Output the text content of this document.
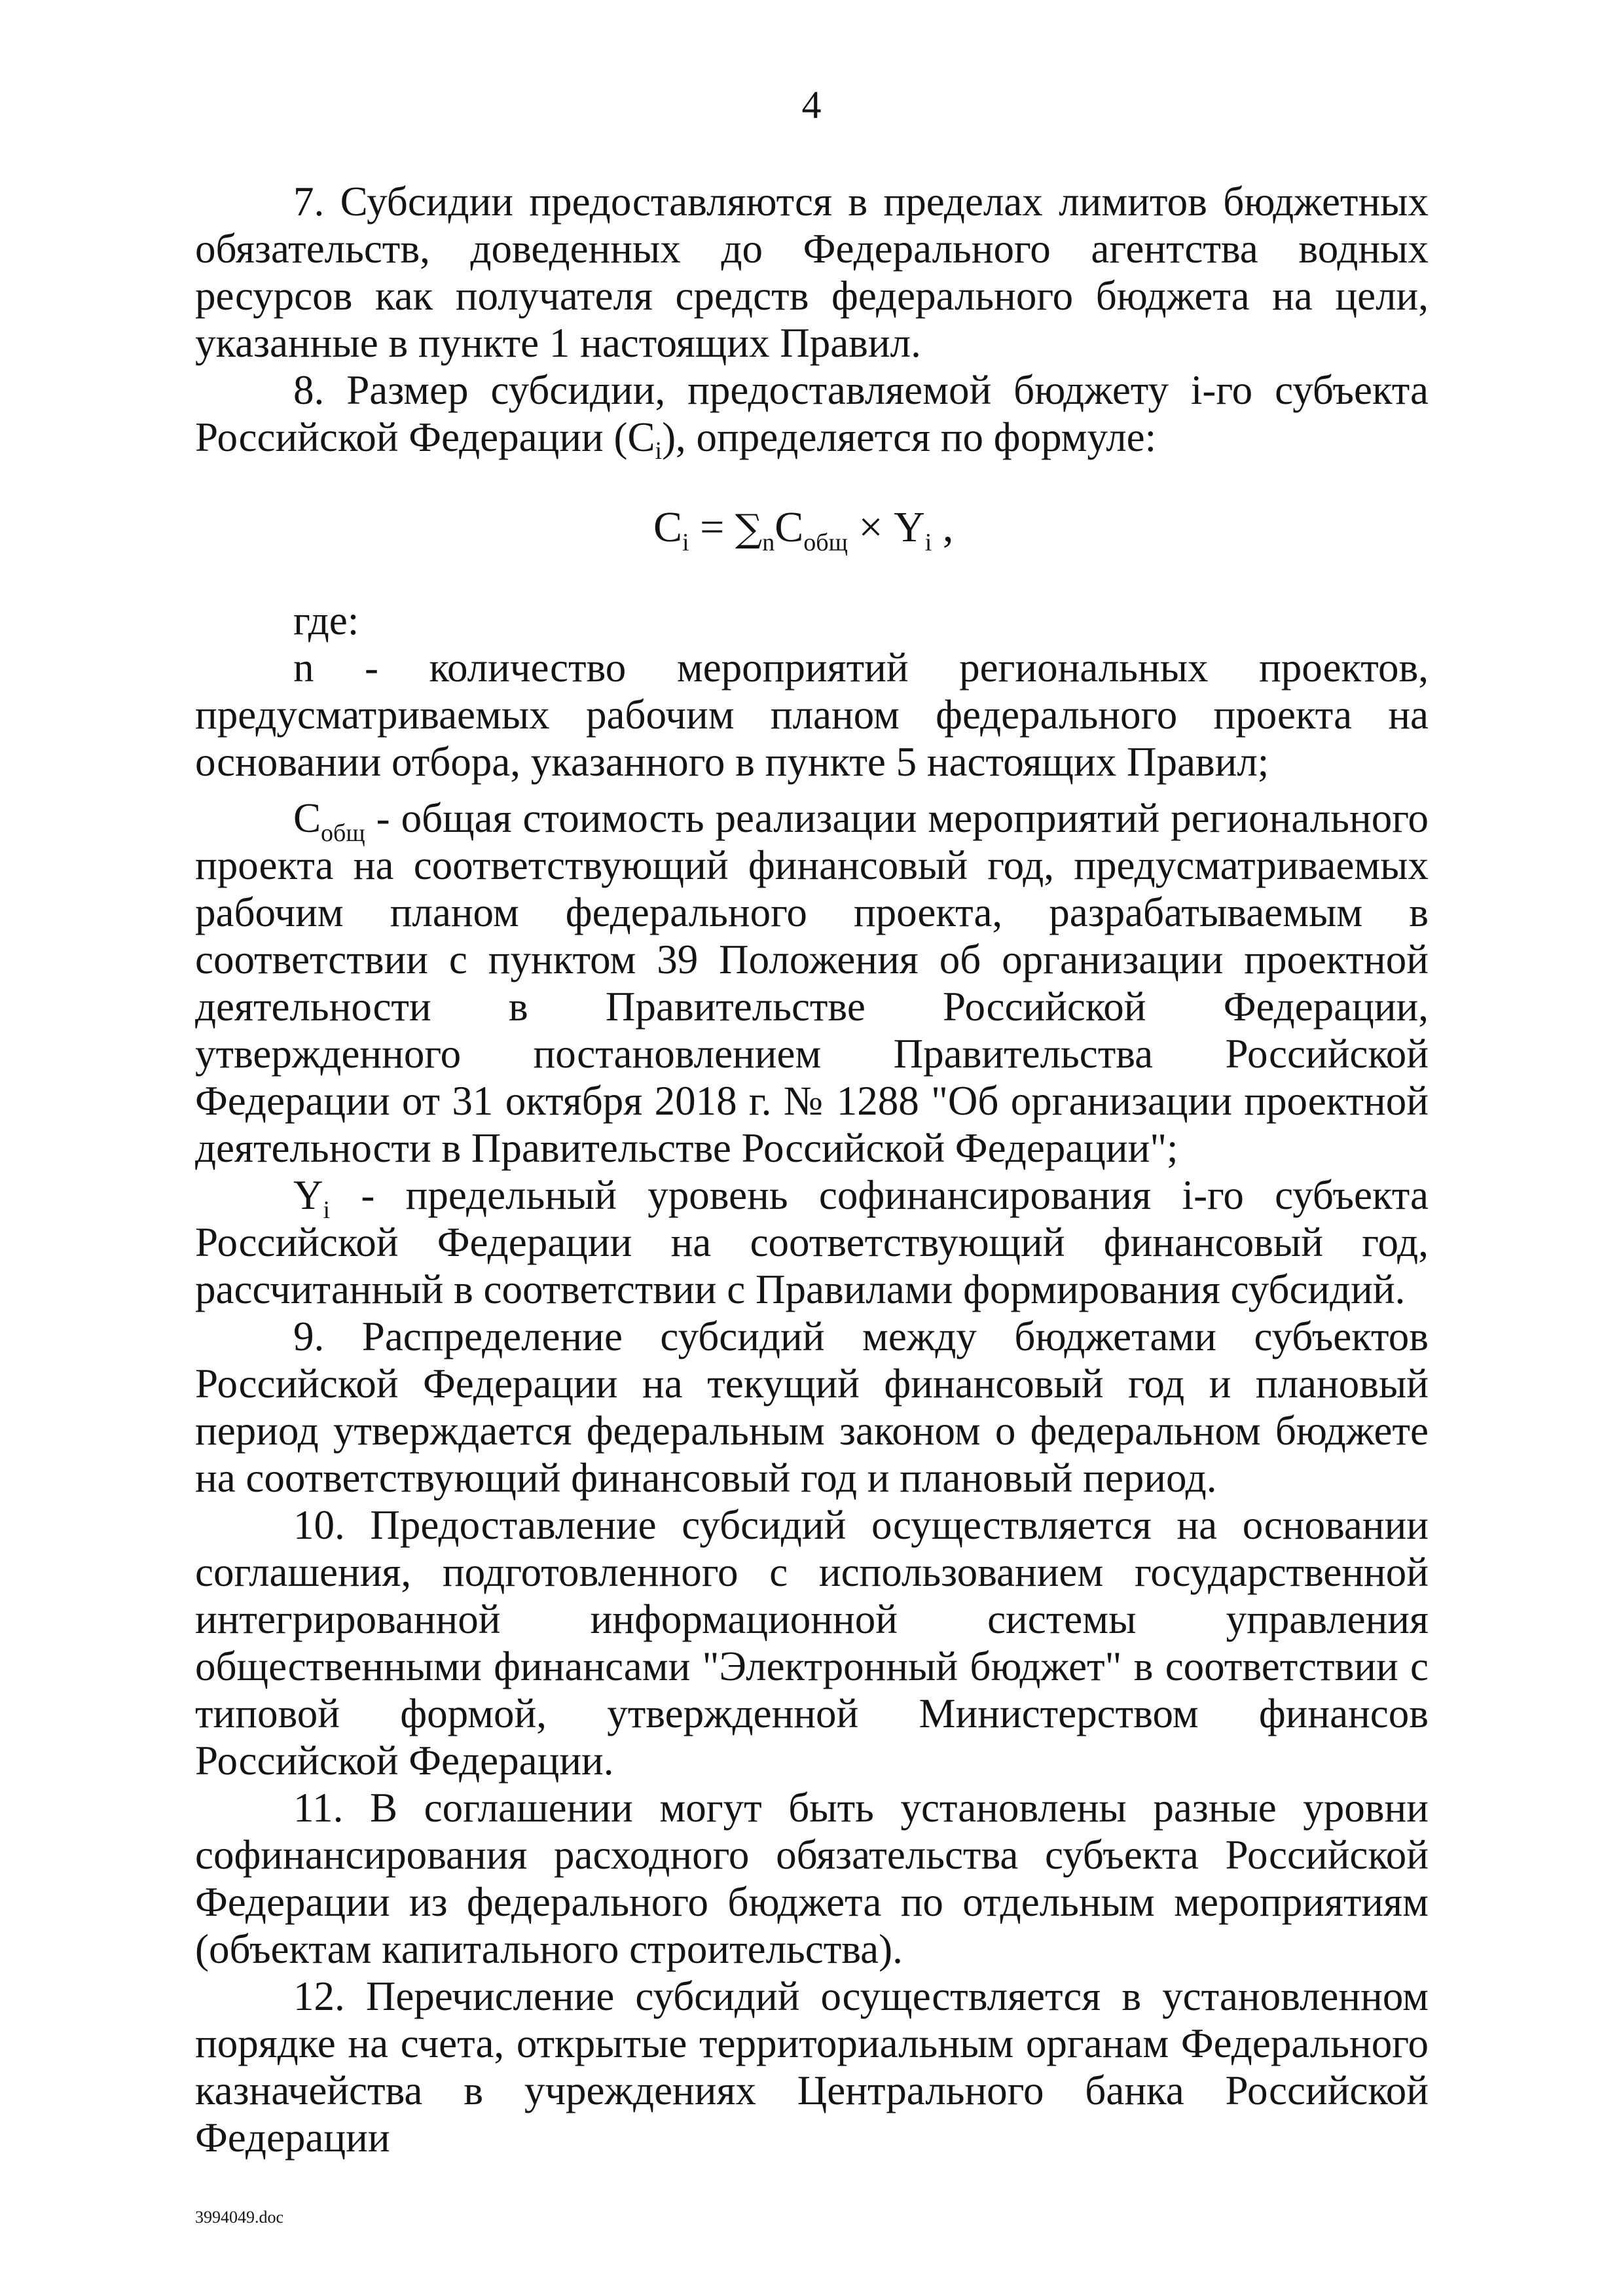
4

7. Субсидии предоставляются в пределах лимитов бюджетных обязательств, доведенных до Федерального агентства водных ресурсов как получателя средств федерального бюджета на цели, указанные в пункте 1 настоящих Правил.

8. Размер субсидии, предоставляемой бюджету i-го субъекта Российской Федерации $(C_i)$, определяется по формуле:

$C_i = \sum_nC_{общ} \times Y_i$ ,

где:

n - количество мероприятий региональных проектов, предусматриваемых рабочим планом федерального проекта на основании отбора, указанного в пункте 5 настоящих Правил;

$C_{общ}$ - общая стоимость реализации мероприятий регионального проекта на соответствующий финансовый год, предусматриваемых рабочим планом федерального проекта, разрабатываемым в соответствии с пунктом 39 Положения об организации проектной деятельности в Правительстве Российской Федерации, утвержденного постановлением Правительства Российской Федерации от 31 октября 2018 г. № 1288 "Об организации проектной деятельности в Правительстве Российской Федерации";

$Y_i$ - предельный уровень софинансирования i-го субъекта Российской Федерации на соответствующий финансовый год, рассчитанный в соответствии с Правилами формирования субсидий.

9. Распределение субсидий между бюджетами субъектов Российской Федерации на текущий финансовый год и плановый период утверждается федеральным законом о федеральном бюджете на соответствующий финансовый год и плановый период.

10. Предоставление субсидий осуществляется на основании соглашения, подготовленного с использованием государственной интегрированной информационной системы управления общественными финансами "Электронный бюджет" в соответствии с типовой формой, утвержденной Министерством финансов Российской Федерации.

11. В соглашении могут быть установлены разные уровни софинансирования расходного обязательства субъекта Российской Федерации из федерального бюджета по отдельным мероприятиям (объектам капитального строительства).

12. Перечисление субсидий осуществляется в установленном порядке на счета, открытые территориальным органам Федерального казначейства в учреждениях Центрального банка Российской Федерации

3994049.doc
